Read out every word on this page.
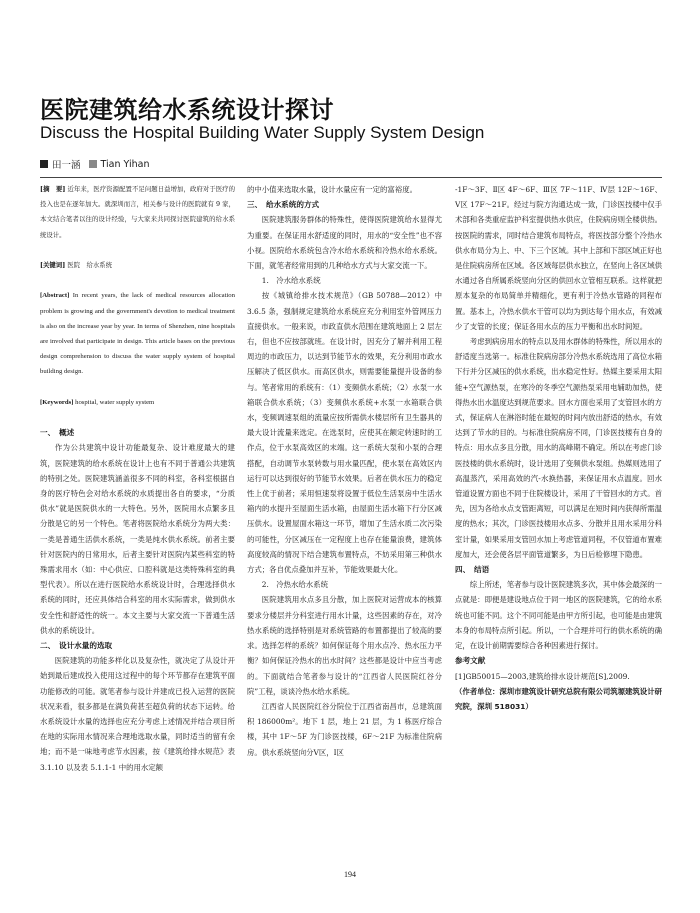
医院建筑给水系统设计探讨
Discuss the Hospital Building Water Supply System Design
田一涵 Tian Yihan

[摘　要] 近年来，医疗资源配置不足问题日益增加，政府对于医疗的投入也是在逐年加大。就深圳而言，相关参与设计的医院就有 9 家，本文结合笔者以往的设计经验，与大家来共同探讨医院建筑的给水系统设计。

[关键词] 医院　给水系统

[Abstract] In recent years, the lack of medical resources allocation problem is growing and the government's devotion to medical treatment is also on the increase year by year. In terms of Shenzhen, nine hospitals are involved that participate in design. This article bases on the previous design comprehension to discuss the water supply system of hospital building design.

[Keywords] hospital, water supply system

一、　概述

作为公共建筑中设计功能最复杂、设计难度最大的建筑，医院建筑的给水系统在设计上也有不同于普通公共建筑的特别之处。医院建筑涵盖很多不同的科室，各科室根据自身的医疗特色会对给水系统的水质提出各自的要求，“分质供水”就是医院供水的一大特色。另外，医院用水点繁多且分散是它的另一个特色。笔者将医院给水系统分为两大类：一类是普通生活供水系统，一类是纯水供水系统。前者主要针对医院内的日常用水，后者主要针对医院内某些科室的特殊需求用水（如：中心供应、口腔科就是这类特殊科室的典型代表）。所以在进行医院给水系统设计时，合理选择供水系统的同时，还应具体结合科室的用水实际需求，做到供水安全性和舒适性的统一。本文主要与大家交流一下普通生活供水的系统设计。

二、　设计水量的选取

医院建筑的功能多样化以及复杂性，就决定了从设计开始到最后建成投入使用这过程中的每个环节都存在建筑平面功能修改的可能。就笔者参与设计并建成已投入运营的医院状况来看，很多都是在满负荷甚至超负荷的状态下运转。给水系统设计水量的选择也应充分考虑上述情况并结合项目所在地的实际用水情况来合理地选取水量，同时适当的留有余地；而不是一味地考虑节水因素，按《建筑给排水规范》表 3.1.10 以及表 5.1.1-1 中的用水定额

的中小值来选取水量，设计水量应有一定的富裕度。

三、　给水系统的方式

医院建筑服务群体的特殊性，使得医院建筑给水显得尤为重要。在保证用水舒适度的同时，用水的“安全性”也不容小视。医院给水系统包含冷水给水系统和冷热水给水系统。下面，就笔者经常用到的几种给水方式与大家交流一下。

1.　冷水给水系统

按《城镇给排水技术规范》（GB 50788—2012）中 3.6.5 条，强制规定建筑给水系统应充分利用室外管网压力直接供水。一般来说，市政直供水范围在建筑地面上 2 层左右，但也不应按部就班。在设计时，因充分了解并利用工程周边的市政压力，以达到节能节水的效果，充分利用市政水压解决了低区供水。而高区供水，则需要能量提升设备的参与。笔者常用的系统有：（1）变频供水系统；（2）水泵一水箱联合供水系统；（3）变频供水系统+水泵一水箱联合供水，变频调速泵组的流量应按所需供水楼层所有卫生器具的最大设计流量来选定。在选泵时，应使其在额定转速时的工作点，位于水泵高效区的末端。这一系统大泵和小泵的合理搭配，自动调节水泵转数与用水量匹配，使水泵在高效区内运行可以达到很好的节能节水效果。后者在供水压力的稳定性上优于前者；采用恒速泵将设置于低位生活泵房中生活水箱内的水提升至屋面生活水箱，由屋面生活水箱下行分区减压供水。设置屋面水箱这一环节，增加了生活水质二次污染的可能性，分区减压在一定程度上也存在能量浪费，建筑体高度较高的情况下结合建筑布置特点，不妨采用第三种供水方式；各自优点叠加并互补，节能效果最大化。

2.　冷热水给水系统

医院建筑用水点多且分散，加上医院对运营成本的核算要求分楼层并分科室进行用水计量，这些因素的存在，对冷热水系统的选择特别是对系统管路的布置都提出了较高的要求。选择怎样的系统？如何保证每个用水点冷、热水压力平衡？如何保证冷热水的出水时间？这些都是设计中应当考虑的。下面就结合笔者参与设计的“江西省人民医院红谷分院”工程，谈谈冷热水给水系统。

江西省人民医院红谷分院位于江西省南昌市，总建筑面积 186000m²。地下 1 层，地上 21 层，为 1 栋医疗综合楼，其中 1F～5F 为门诊医技楼，6F～21F 为标准住院病房。供水系统竖向分Ⅴ区，Ⅰ区

-1F～3F、Ⅱ区 4F～6F、Ⅲ区 7F～11F、Ⅳ层 12F～16F、Ⅴ区 17F～21F。经过与院方沟通达成一致，门诊医技楼中仅手术部和各类重症监护科室提供热水供应，住院病房则全楼供热。按医院的需求，同时结合建筑布局特点，将医技部分整个冷热水供水布局分为上、中、下三个区域。其中上部和下部区域正好也是住院病房所在区域。各区域每层供水独立，在竖向上各区域供水通过各自所属系统竖向分区的供回水立管相互联系。这样就把原本复杂的布局简单并精细化，更有利于冷热水管路的同程布置。基本上，冷热水供水干管可以均为到达每个用水点，有效减少了支管的长度；保证各用水点的压力平衡和出水时间短。

考虑到病房用水的特点以及用水群体的特殊性，所以用水的舒适度当选第一。标准住院病房部分冷热水系统选用了高位水箱下行并分区减压的供水系统，出水稳定性好。热媒主要采用太阳能+空气源热泵，在寒冷的冬季空气源热泵采用电辅助加热，使得热水出水温度达到规范要求。回水方面也采用了支管回水的方式，保证病人在淋浴时能在最短的时间内放出舒适的热水，有效达到了节水的目的。与标准住院病房不同，门诊医技楼有自身的特点：用水点多且分散，用水的高峰期不确定。所以在考虑门诊医技楼的供水系统时，设计选用了变频供水泵组。热媒则选用了高温蒸汽，采用高效的汽-水换热器，来保证用水点温度。回水管道设置方面也不同于住院楼设计，采用了干管回水的方式。首先，因为各给水点支管距离短，可以满足在短时间内获得所需温度的热水；其次，门诊医技楼用水点多、分散并且用水采用分科室计量，如果采用支管回水加上考虑管道同程，不仅管道布置难度加大，还会使各层平面管道繁多，为日后检修埋下隐患。

四、　结语

综上所述，笔者参与设计医院建筑多次，其中体会最深的一点就是：即便是建设地点位于同一地区的医院建筑，它的给水系统也可能不同。这个不同可能是由甲方所引起，也可能是由建筑本身的布局特点所引起。所以，一个合理并可行的供水系统的确定，在设计前期需要综合各种因素进行探讨。

参考文献

[1]GB50015—2003,建筑给排水设计规范[S],2009.

（作者单位：深圳市建筑设计研究总院有限公司筑塬建筑设计研究院，深圳 518031）

194
